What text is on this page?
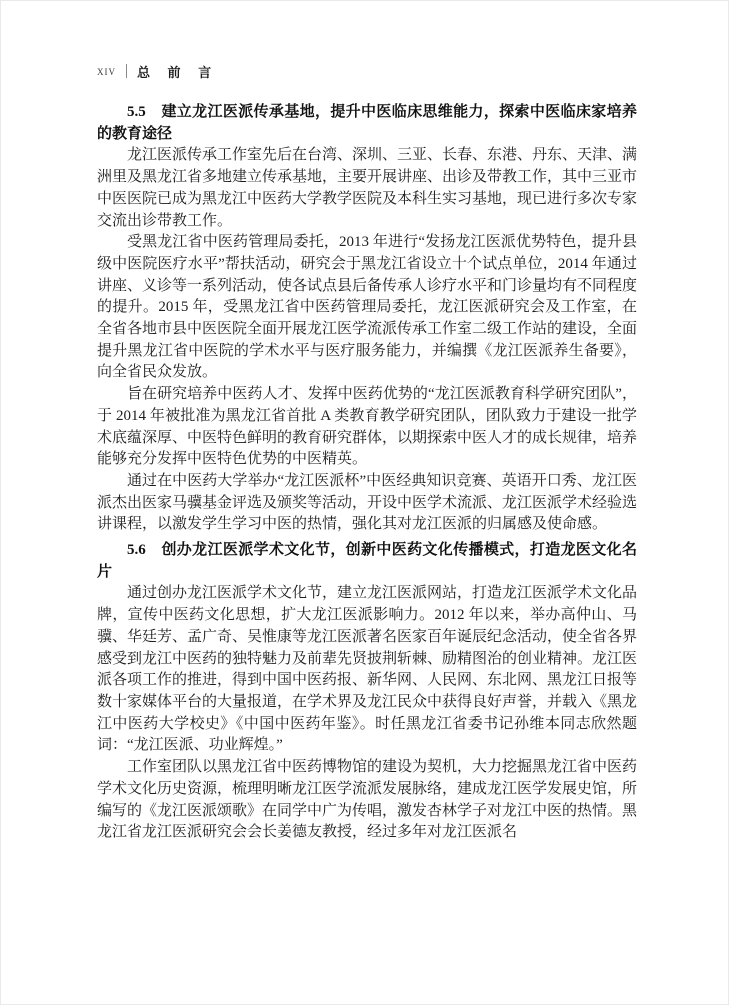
xiv	总 前 言
5.5　建立龙江医派传承基地，提升中医临床思维能力，探索中医临床家培养的教育途径

龙江医派传承工作室先后在台湾、深圳、三亚、长春、东港、丹东、天津、满洲里及黑龙江省多地建立传承基地，主要开展讲座、出诊及带教工作，其中三亚市中医医院已成为黑龙江中医药大学教学医院及本科生实习基地，现已进行多次专家交流出诊带教工作。

受黑龙江省中医药管理局委托，2013 年进行“发扬龙江医派优势特色，提升县级中医院医疗水平”帮扶活动，研究会于黑龙江省设立十个试点单位，2014 年通过讲座、义诊等一系列活动，使各试点县后备传承人诊疗水平和门诊量均有不同程度的提升。2015 年，受黑龙江省中医药管理局委托，龙江医派研究会及工作室，在全省各地市县中医医院全面开展龙江医学流派传承工作室二级工作站的建设，全面提升黑龙江省中医院的学术水平与医疗服务能力，并编撰《龙江医派养生备要》，向全省民众发放。

旨在研究培养中医药人才、发挥中医药优势的“龙江医派教育科学研究团队”，于 2014 年被批准为黑龙江省首批 A 类教育教学研究团队，团队致力于建设一批学术底蕴深厚、中医特色鲜明的教育研究群体，以期探索中医人才的成长规律，培养能够充分发挥中医特色优势的中医精英。

通过在中医药大学举办“龙江医派杯”中医经典知识竞赛、英语开口秀、龙江医派杰出医家马骥基金评选及颁奖等活动，开设中医学术流派、龙江医派学术经验选讲课程，以激发学生学习中医的热情，强化其对龙江医派的归属感及使命感。

5.6　创办龙江医派学术文化节，创新中医药文化传播模式，打造龙医文化名片

通过创办龙江医派学术文化节，建立龙江医派网站，打造龙江医派学术文化品牌，宣传中医药文化思想，扩大龙江医派影响力。2012 年以来，举办高仲山、马骥、华廷芳、孟广奇、吴惟康等龙江医派著名医家百年诞辰纪念活动，使全省各界感受到龙江中医药的独特魅力及前辈先贤披荆斩棘、励精图治的创业精神。龙江医派各项工作的推进，得到中国中医药报、新华网、人民网、东北网、黑龙江日报等数十家媒体平台的大量报道，在学术界及龙江民众中获得良好声誉，并载入《黑龙江中医药大学校史》《中国中医药年鉴》。时任黑龙江省委书记孙维本同志欣然题词：“龙江医派、功业辉煌。”

工作室团队以黑龙江省中医药博物馆的建设为契机，大力挖掘黑龙江省中医药学术文化历史资源，梳理明晰龙江医学流派发展脉络，建成龙江医学发展史馆，所编写的《龙江医派颂歌》在同学中广为传唱，激发杏林学子对龙江中医的热情。黑龙江省龙江医派研究会会长姜德友教授，经过多年对龙江医派名
